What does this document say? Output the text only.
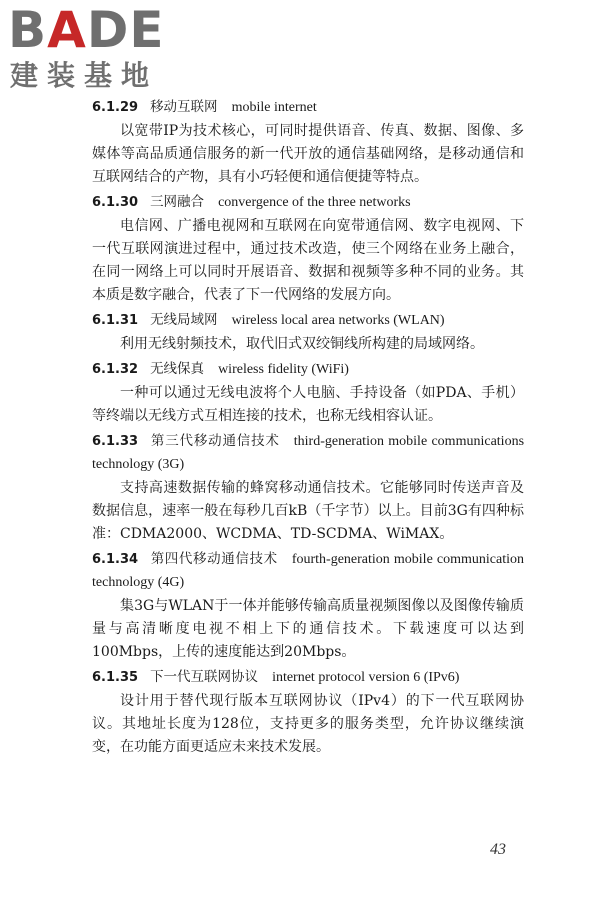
BADE
建装基地

6.1.29 移动互联网 mobile internet

以宽带IP为技术核心，可同时提供语音、传真、数据、图像、多媒体等高品质通信服务的新一代开放的通信基础网络，是移动通信和互联网结合的产物，具有小巧轻便和通信便捷等特点。

6.1.30 三网融合 convergence of the three networks

电信网、广播电视网和互联网在向宽带通信网、数字电视网、下一代互联网演进过程中，通过技术改造，使三个网络在业务上融合，在同一网络上可以同时开展语音、数据和视频等多种不同的业务。其本质是数字融合，代表了下一代网络的发展方向。

6.1.31 无线局域网 wireless local area networks (WLAN)

利用无线射频技术，取代旧式双绞铜线所构建的局域网络。

6.1.32 无线保真 wireless fidelity (WiFi)

一种可以通过无线电波将个人电脑、手持设备（如PDA、手机）等终端以无线方式互相连接的技术，也称无线相容认证。

6.1.33 第三代移动通信技术 third-generation mobile communications technology (3G)

支持高速数据传输的蜂窝移动通信技术。它能够同时传送声音及数据信息，速率一般在每秒几百kB（千字节）以上。目前3G有四种标准：CDMA2000、WCDMA、TD-SCDMA、WiMAX。

6.1.34 第四代移动通信技术 fourth-generation mobile communication technology (4G)

集3G与WLAN于一体并能够传输高质量视频图像以及图像传输质量与高清晰度电视不相上下的通信技术。下载速度可以达到100Mbps，上传的速度能达到20Mbps。

6.1.35 下一代互联网协议 internet protocol version 6 (IPv6)

设计用于替代现行版本互联网协议（IPv4）的下一代互联网协议。其地址长度为128位，支持更多的服务类型，允许协议继续演变，在功能方面更适应未来技术发展。

43
